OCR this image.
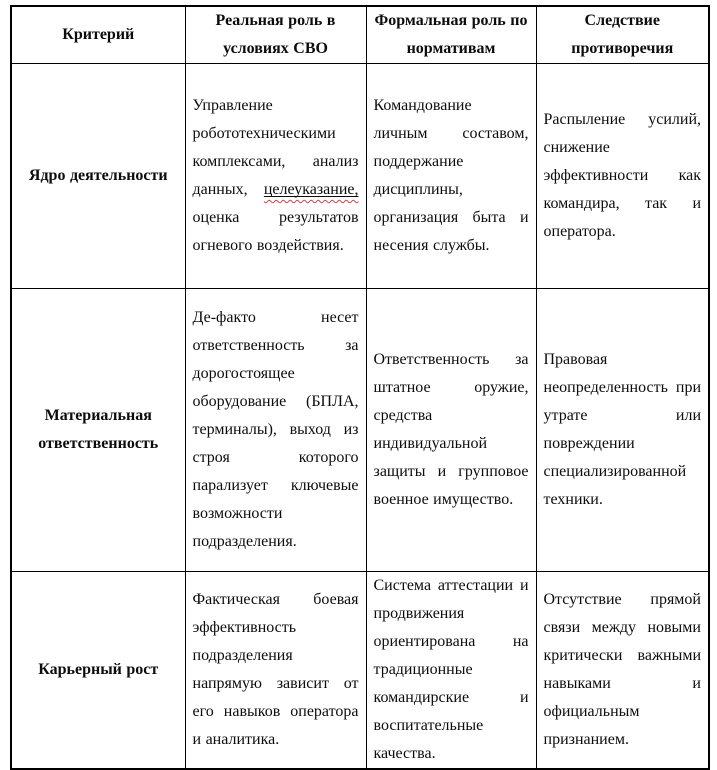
Критерий	Реальная роль в условиях СВО	Формальная роль по нормативам	Следствие противоречия
Ядро деятельности	Управление робототехническими комплексами, анализ данных, целеуказание, оценка результатов огневого воздействия.	Командование личным составом, поддержание дисциплины, организация быта и несения службы.	Распыление усилий, снижение эффективности как командира, так и оператора.
Материальная ответственность	Де-факто несет ответственность за дорогостоящее оборудование (БПЛА, терминалы), выход из строя которого парализует ключевые возможности подразделения.	Ответственность за штатное оружие, средства индивидуальной защиты и групповое военное имущество.	Правовая неопределенность при утрате или повреждении специализированной техники.
Карьерный рост	Фактическая боевая эффективность подразделения напрямую зависит от его навыков оператора и аналитика.	Система аттестации и продвижения ориентирована на традиционные командирские и воспитательные качества.	Отсутствие прямой связи между новыми критически важными навыками и официальным признанием.
